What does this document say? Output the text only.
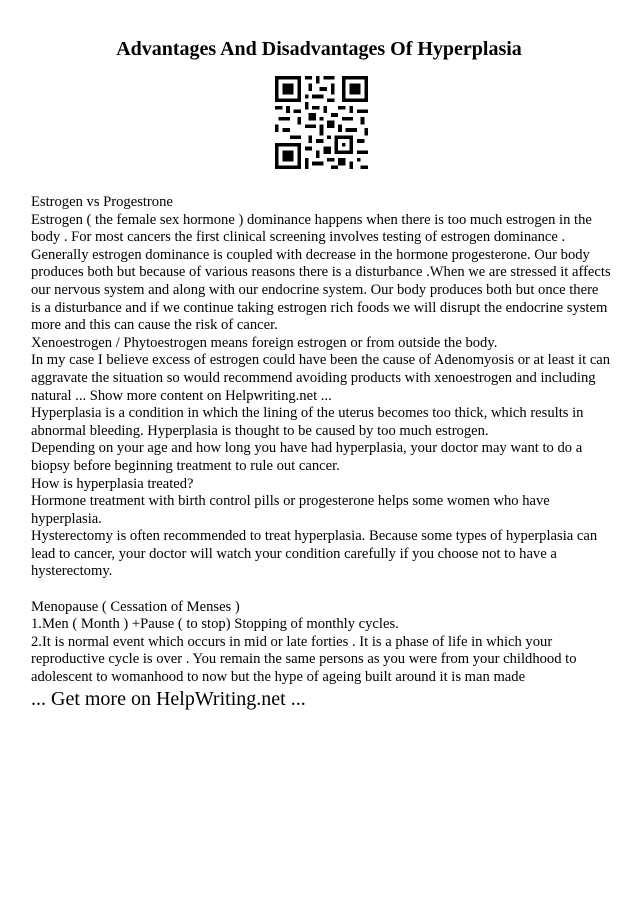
Advantages And Disadvantages Of Hyperplasia

Estrogen vs Progestrone

Estrogen ( the female sex hormone ) dominance happens when there is too much estrogen in the body . For most cancers the first clinical screening involves testing of estrogen dominance . Generally estrogen dominance is coupled with decrease in the hormone progesterone. Our body produces both but because of various reasons there is a disturbance .When we are stressed it affects our nervous system and along with our endocrine system. Our body produces both but once there is a disturbance and if we continue taking estrogen rich foods we will disrupt the endocrine system more and this can cause the risk of cancer.

Xenoestrogen / Phytoestrogen means foreign estrogen or from outside the body.

In my case I believe excess of estrogen could have been the cause of Adenomyosis or at least it can aggravate the situation so would recommend avoiding products with xenoestrogen and including natural ... Show more content on Helpwriting.net ...

Hyperplasia is a condition in which the lining of the uterus becomes too thick, which results in abnormal bleeding. Hyperplasia is thought to be caused by too much estrogen.

Depending on your age and how long you have had hyperplasia, your doctor may want to do a biopsy before beginning treatment to rule out cancer.

How is hyperplasia treated?

Hormone treatment with birth control pills or progesterone helps some women who have hyperplasia.

Hysterectomy is often recommended to treat hyperplasia. Because some types of hyperplasia can lead to cancer, your doctor will watch your condition carefully if you choose not to have a hysterectomy.

Menopause ( Cessation of Menses )

1.Men ( Month ) +Pause ( to stop) Stopping of monthly cycles.

2.It is normal event which occurs in mid or late forties . It is a phase of life in which your reproductive cycle is over . You remain the same persons as you were from your childhood to adolescent to womanhood to now but the hype of ageing built around it is man made

... Get more on HelpWriting.net ...
